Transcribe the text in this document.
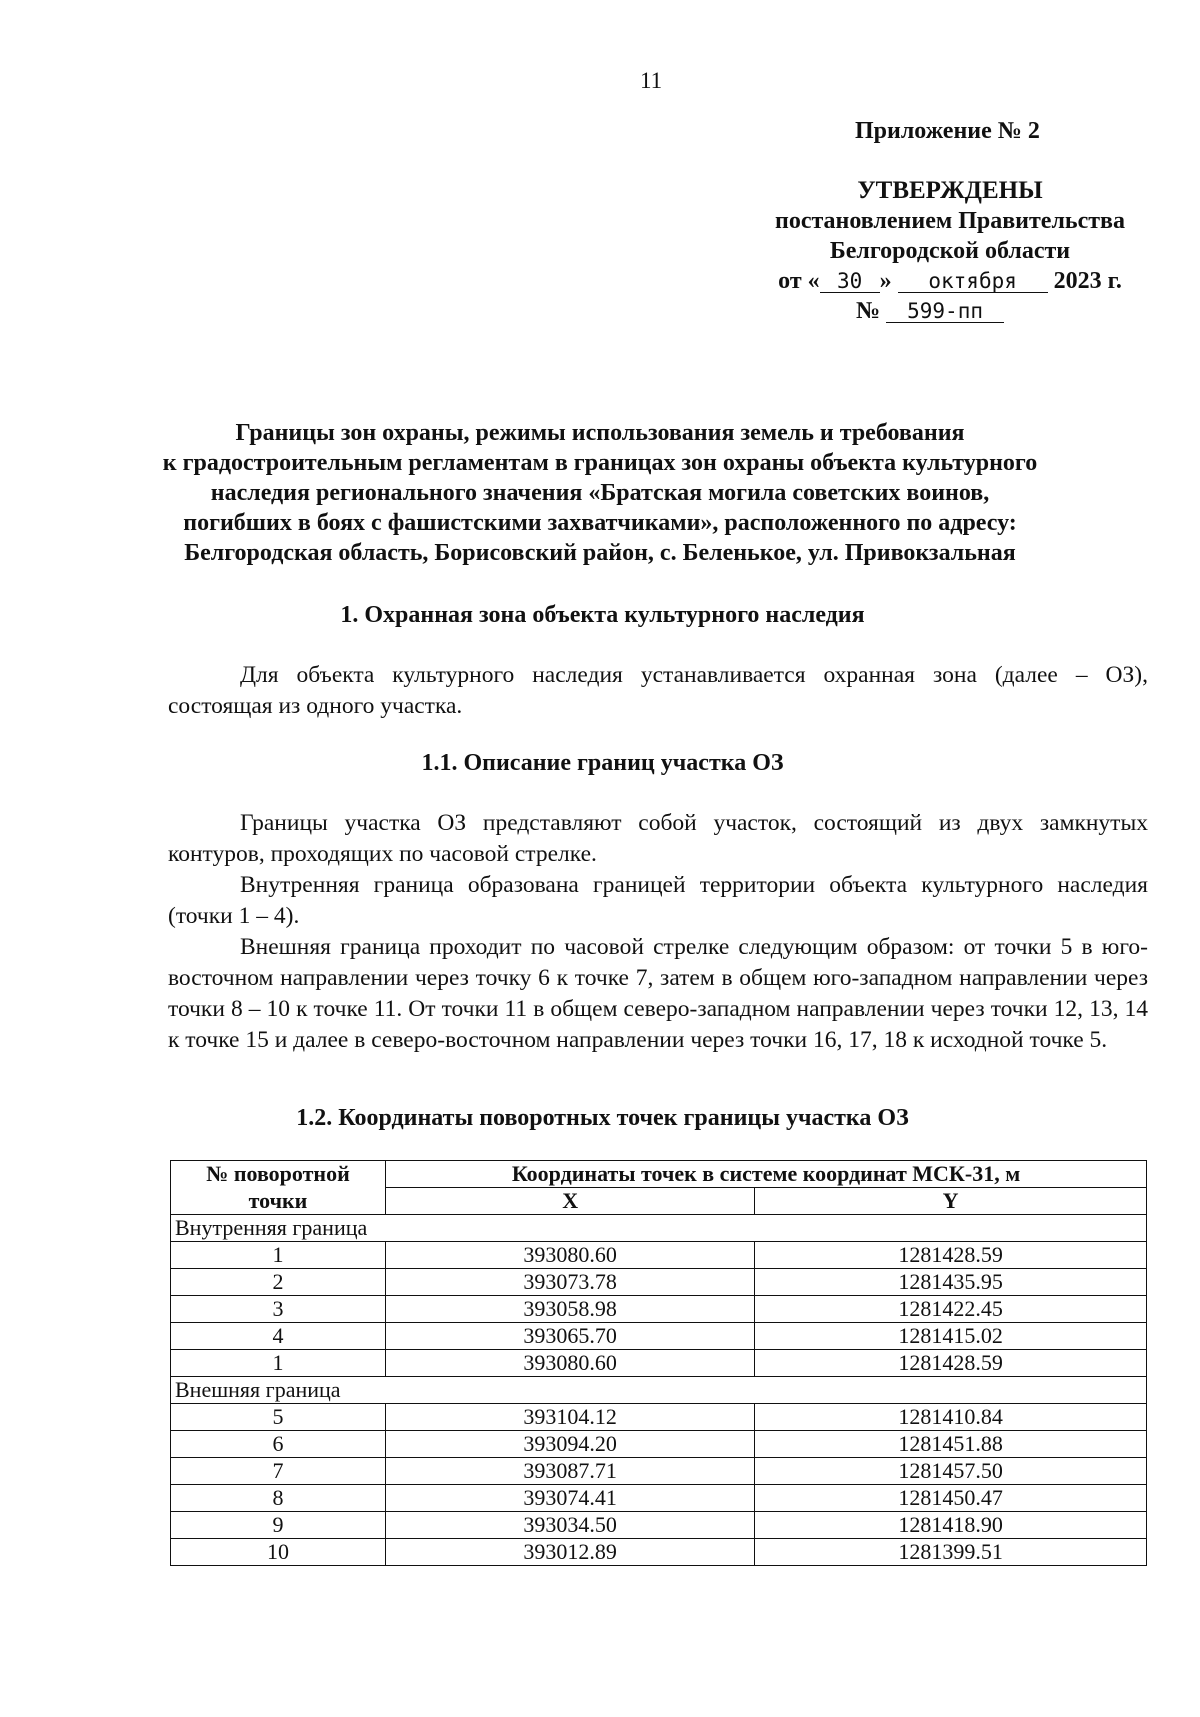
11
Приложение № 2
УТВЕРЖДЕНЫ
постановлением Правительства
Белгородской области
от « 30 » октября 2023 г.
№ 599-пп
Границы зон охраны, режимы использования земель и требования
к градостроительным регламентам в границах зон охраны объекта культурного
наследия регионального значения «Братская могила советских воинов,
погибших в боях с фашистскими захватчиками», расположенного по адресу:
Белгородская область, Борисовский район, с. Беленькое, ул. Привокзальная
1. Охранная зона объекта культурного наследия
Для объекта культурного наследия устанавливается охранная зона (далее – ОЗ), состоящая из одного участка.
1.1. Описание границ участка ОЗ
Границы участка ОЗ представляют собой участок, состоящий из двух замкнутых контуров, проходящих по часовой стрелке.
Внутренняя граница образована границей территории объекта культурного наследия (точки 1 – 4).
Внешняя граница проходит по часовой стрелке следующим образом: от точки 5 в юго-восточном направлении через точку 6 к точке 7, затем в общем юго-западном направлении через точки 8 – 10 к точке 11. От точки 11 в общем северо-западном направлении через точки 12, 13, 14 к точке 15 и далее в северо-восточном направлении через точки 16, 17, 18 к исходной точке 5.
1.2. Координаты поворотных точек границы участка ОЗ
№ поворотной	Координаты точек в системе координат МСК-31, м	
точки	X	Y
Внутренняя граница		
1	393080.60	1281428.59
2	393073.78	1281435.95
3	393058.98	1281422.45
4	393065.70	1281415.02
1	393080.60	1281428.59
Внешняя граница		
5	393104.12	1281410.84
6	393094.20	1281451.88
7	393087.71	1281457.50
8	393074.41	1281450.47
9	393034.50	1281418.90
10	393012.89	1281399.51
